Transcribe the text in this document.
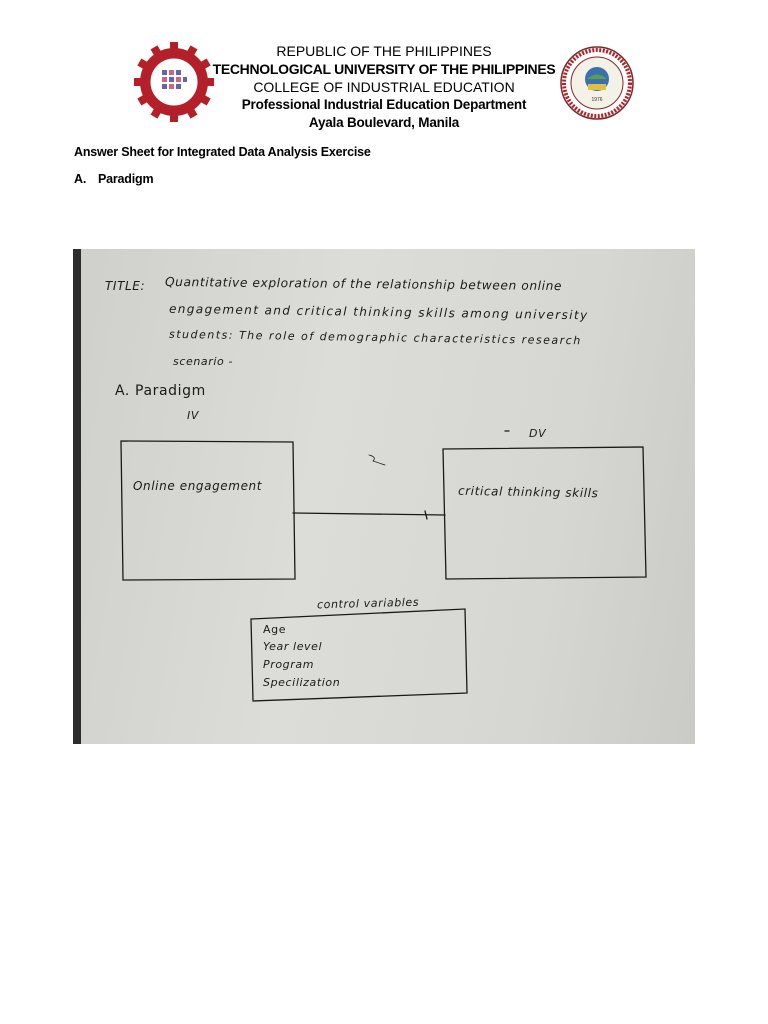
1976
REPUBLIC OF THE PHILIPPINES
TECHNOLOGICAL UNIVERSITY OF THE PHILIPPINES
COLLEGE OF INDUSTRIAL EDUCATION
Professional Industrial Education Department
Ayala Boulevard, Manila
Answer Sheet for Integrated Data Analysis Exercise
A. Paradigm
TITLE: Quantitative exploration of the relationship between online
engagement and critical thinking skills among university
students: The role of demographic characteristics research
scenario -
A. Paradigm
IV
DV
Online engagement	critical thinking skills
control variables
Age
Year level
Program
Specilization
